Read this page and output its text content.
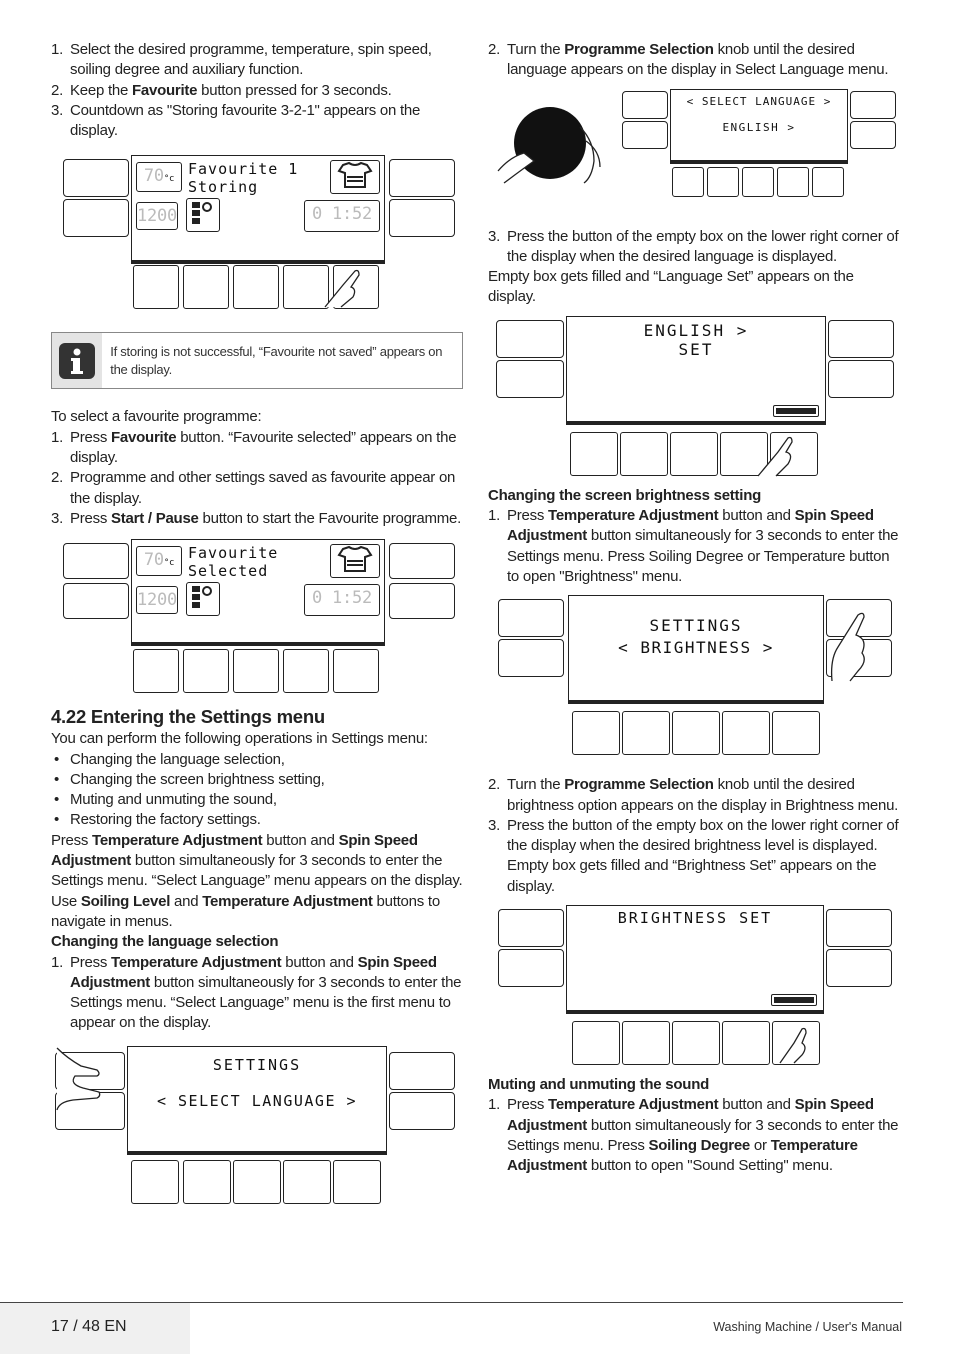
1. Select the desired programme, temperature, spin speed, soiling degree and auxiliary function.
2. Keep the Favourite button pressed for 3 seconds.
3. Countdown as "Storing favourite 3-2-1" appears on the display.
70°c
Favourite 1
Storing
1200	0 1:52
If storing is not successful, “Favourite not saved” appears on the display.
To select a favourite programme:
1. Press Favourite button. “Favourite selected” appears on the display.
2. Programme and other settings saved as favourite appear on the display.
3. Press Start / Pause button to start the Favourite programme.
70°c
Favourite
Selected
1200	0 1:52
4.22 Entering the Settings menu
You can perform the following operations in Settings menu:
• Changing the language selection,
• Changing the screen brightness setting,
• Muting and unmuting the sound,
• Restoring the factory settings.
Press Temperature Adjustment button and Spin Speed Adjustment button simultaneously for 3 seconds to enter the Settings menu. “Select Language” menu appears on the display.
Use Soiling Level and Temperature Adjustment buttons to navigate in menus.
Changing the language selection
1. Press Temperature Adjustment button and Spin Speed Adjustment button simultaneously for 3 seconds to enter the Settings menu. “Select Language” menu is the first menu to appear on the display.
SETTINGS
< SELECT LANGUAGE >
2. Turn the Programme Selection knob until the desired language appears on the display in Select Language menu.
< SELECT LANGUAGE >
ENGLISH >
3. Press the button of the empty box on the lower right corner of the display when the desired language is displayed.
Empty box gets filled and “Language Set” appears on the display.
ENGLISH >
SET
Changing the screen brightness setting
1. Press Temperature Adjustment button and Spin Speed Adjustment button simultaneously for 3 seconds to enter the Settings menu. Press Soiling Degree or Temperature button to open "Brightness" menu.
SETTINGS
< BRIGHTNESS >
2. Turn the Programme Selection knob until the desired brightness option appears on the display in Brightness menu.
3. Press the button of the empty box on the lower right corner of the display when the desired brightness level is displayed. Empty box gets filled and “Brightness Set” appears on the display.
BRIGHTNESS SET
Muting and unmuting the sound
1. Press Temperature Adjustment button and Spin Speed Adjustment button simultaneously for 3 seconds to enter the Settings menu. Press Soiling Degree or Temperature Adjustment button to open "Sound Setting" menu.
17 / 48 EN	Washing Machine / User's Manual
